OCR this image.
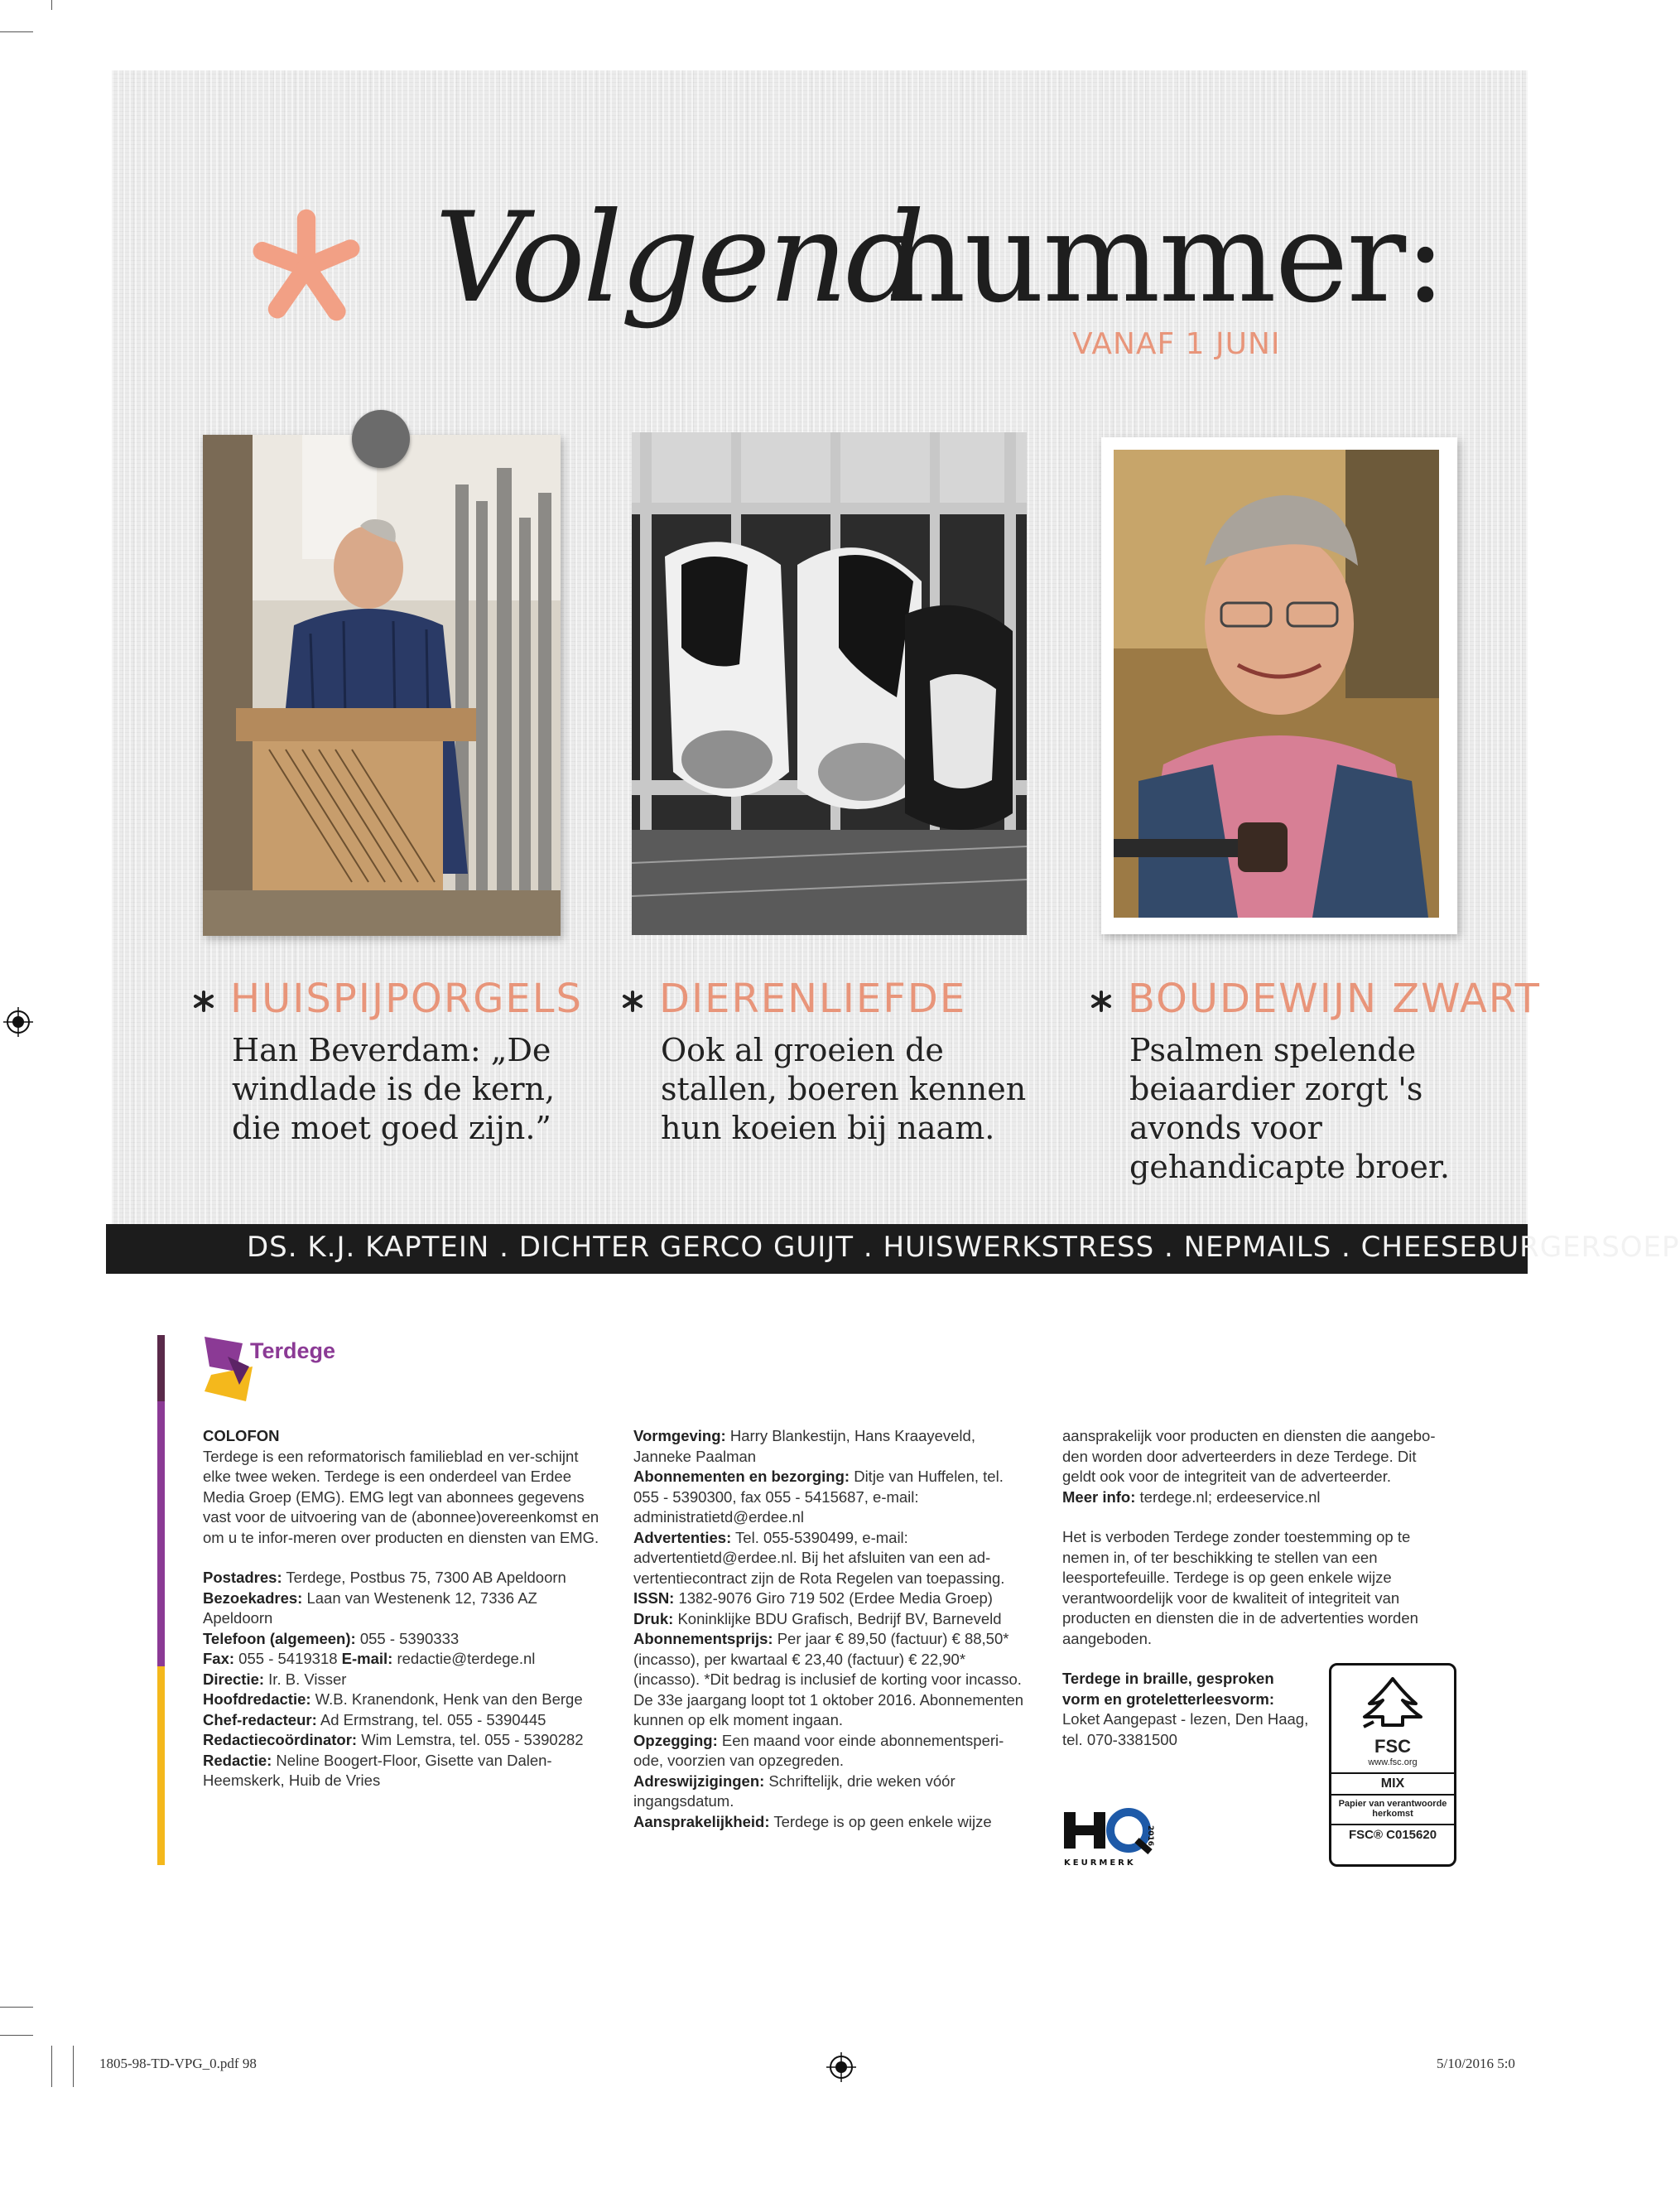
Volgend
nummer:
VANAF 1 JUNI
HUISPIJPORGELS
Han Beverdam: „De windlade is de kern, die moet goed zijn.”
DIERENLIEFDE
Ook al groeien de stallen, boeren kennen hun koeien bij naam.
BOUDEWIJN ZWART
Psalmen spelende beiaardier zorgt 's avonds voor gehandicapte broer.
DS. K.J. KAPTEIN . DICHTER GERCO GUIJT . HUISWERKSTRESS . NEPMAILS . CHEESEBURGERSOEP
Terdege

COLOFON

Terdege is een reformatorisch familieblad en ver-schijnt elke twee weken. Terdege is een onderdeel van Erdee Media Groep (EMG). EMG legt van abonnees gegevens vast voor de uitvoering van de (abonnee)overeenkomst en om u te infor-meren over producten en diensten van EMG.

Postadres: Terdege, Postbus 75, 7300 AB Apeldoorn

Bezoekadres: Laan van Westenenk 12, 7336 AZ Apeldoorn

Telefoon (algemeen): 055 - 5390333

Fax: 055 - 5419318 E-mail: redactie@terdege.nl

Directie: Ir. B. Visser

Hoofdredactie: W.B. Kranendonk, Henk van den Berge

Chef-redacteur: Ad Ermstrang, tel. 055 - 5390445

Redactiecoördinator: Wim Lemstra, tel. 055 - 5390282

Redactie: Neline Boogert-Floor, Gisette van Dalen-Heemskerk, Huib de Vries

Vormgeving: Harry Blankestijn, Hans Kraayeveld, Janneke Paalman

Abonnementen en bezorging: Ditje van Huffelen, tel. 055 - 5390300, fax 055 - 5415687, e-mail: administratietd@erdee.nl

Advertenties: Tel. 055-5390499, e-mail: advertentietd@erdee.nl. Bij het afsluiten van een ad-vertentiecontract zijn de Rota Regelen van toepassing.

ISSN: 1382-9076 Giro 719 502 (Erdee Media Groep)

Druk: Koninklijke BDU Grafisch, Bedrijf BV, Barneveld

Abonnementsprijs: Per jaar € 89,50 (factuur) € 88,50* (incasso), per kwartaal € 23,40 (factuur) € 22,90* (incasso). *Dit bedrag is inclusief de korting voor incasso. De 33e jaargang loopt tot 1 oktober 2016. Abonnementen kunnen op elk moment ingaan.

Opzegging: Een maand voor einde abonnementsperi-ode, voorzien van opzegreden.

Adreswijzigingen: Schriftelijk, drie weken vóór ingangsdatum.

Aansprakelijkheid: Terdege is op geen enkele wijze

aansprakelijk voor producten en diensten die aangebo-den worden door adverteerders in deze Terdege. Dit geldt ook voor de integriteit van de adverteerder.

Meer info: terdege.nl; erdeeservice.nl

Het is verboden Terdege zonder toestemming op te nemen in, of ter beschikking te stellen van een leesportefeuille. Terdege is op geen enkele wijze verantwoordelijk voor de kwaliteit of integriteit van producten en diensten die in de advertenties worden aangeboden.

Terdege in braille, gesproken vorm en groteletterleesvorm:

Loket Aangepast - lezen, Den Haag, tel. 070-3381500	FSC
www.fsc.org
MIX
Papier van verantwoorde herkomst
FSC® C015620
2016
KEURMERK
1805-98-TD-VPG_0.pdf 98	5/10/2016 5:0
